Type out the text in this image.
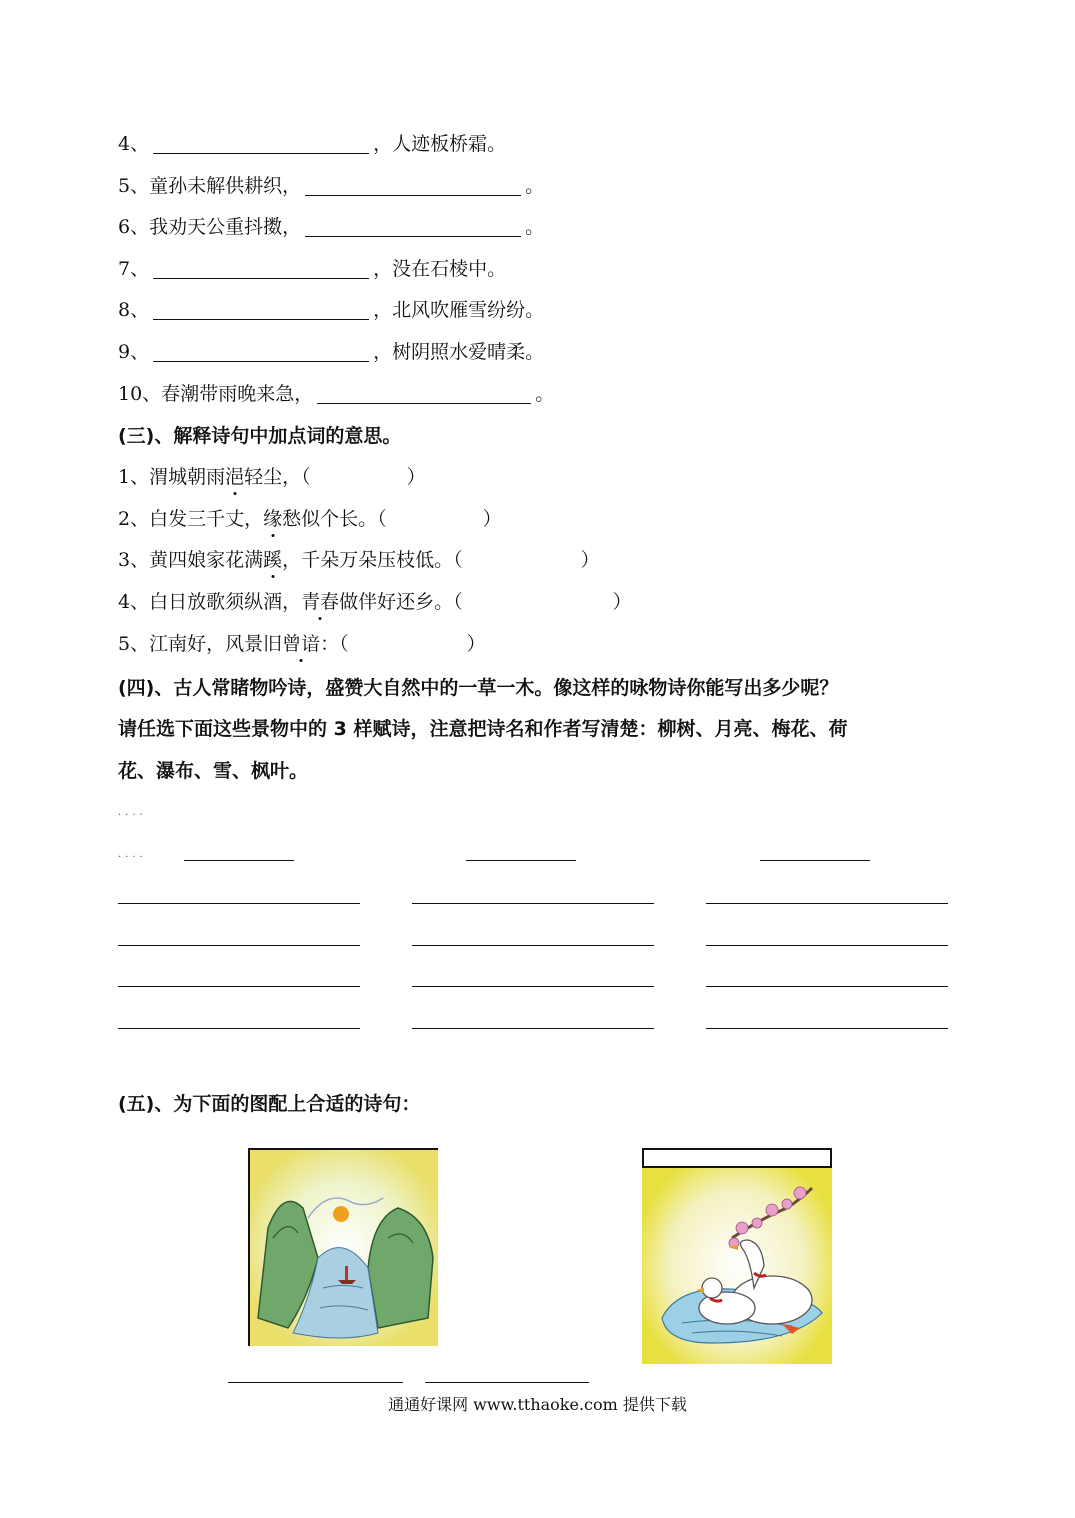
4、	，人迹板桥霜。
5、 童孙未解供耕织，	。
6、 我劝天公重抖擞，	。
7、	，没在石棱中。
8、	，北风吹雁雪纷纷。
9、	，树阴照水爱晴柔。
10、 春潮带雨晚来急，	。
(三)、解释诗句中加点词的意思。
1、 渭城朝雨 浥 轻尘，（	）
2、 白发三千丈， 缘 愁似个长。（	）
3、 黄四娘家花满 蹊 ，千朵万朵压枝低。（	）
4、 白日放歌须纵酒， 青春 做伴好还乡。（	）
5、 江南好，风景旧 曾谙 ：（	）
(四)、古人常睹物吟诗，盛赞大自然中的一草一木。像这样的咏物诗你能写出多少呢？
请任选下面这些景物中的 3 样赋诗，注意把诗名和作者写清楚：柳树、月亮、梅花、荷
花、瀑布、雪、枫叶。
····
····
(五)、为下面的图配上合适的诗句：
通通好课网 www.tthaoke.com 提供下载
